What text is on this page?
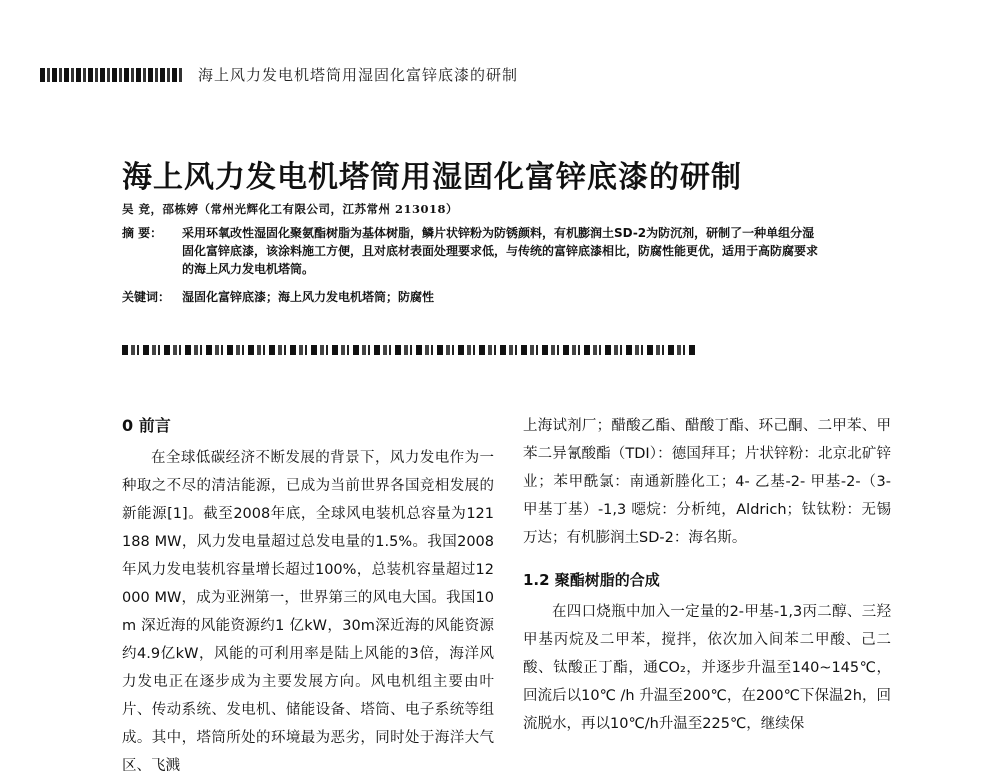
海上风力发电机塔筒用湿固化富锌底漆的研制
海上风力发电机塔筒用湿固化富锌底漆的研制
吴 竞，邵栋婷（常州光辉化工有限公司，江苏常州 213018）
摘 要：	采用环氧改性湿固化聚氨酯树脂为基体树脂，鳞片状锌粉为防锈颜料，有机膨润土SD-2为防沉剂，研制了一种单组分湿固化富锌底漆，该涂料施工方便，且对底材表面处理要求低，与传统的富锌底漆相比，防腐性能更优，适用于高防腐要求的海上风力发电机塔筒。
关键词： 湿固化富锌底漆；海上风力发电机塔筒；防腐性
0 前言

在全球低碳经济不断发展的背景下，风力发电作为一种取之不尽的清洁能源，已成为当前世界各国竞相发展的新能源[1]。截至2008年底，全球风电装机总容量为121 188 MW，风力发电量超过总发电量的1.5%。我国2008 年风力发电装机容量增长超过100%，总装机容量超过12 000 MW，成为亚洲第一，世界第三的风电大国。我国10 m 深近海的风能资源约1 亿kW，30m深近海的风能资源约4.9亿kW，风能的可利用率是陆上风能的3倍，海洋风力发电正在逐步成为主要发展方向。风电机组主要由叶片、传动系统、发电机、储能设备、塔筒、电子系统等组成。其中，塔筒所处的环境最为恶劣，同时处于海洋大气区、飞溅

上海试剂厂；醋酸乙酯、醋酸丁酯、环己酮、二甲苯、甲苯二异氰酸酯（TDI）：德国拜耳；片状锌粉：北京北矿锌业；苯甲酰氯：南通新塍化工；4- 乙基-2- 甲基-2-（3- 甲基丁基）-1,3 噁烷：分析纯，Aldrich；钛钛粉：无锡万达；有机膨润土SD-2：海名斯。

1.2 聚酯树脂的合成

在四口烧瓶中加入一定量的2-甲基-1,3丙二醇、三羟甲基丙烷及二甲苯，搅拌，依次加入间苯二甲酸、己二酸、钛酸正丁酯，通CO₂，并逐步升温至140~145℃，回流后以10℃ /h 升温至200℃，在200℃下保温2h，回流脱水，再以10℃/h升温至225℃，继续保
